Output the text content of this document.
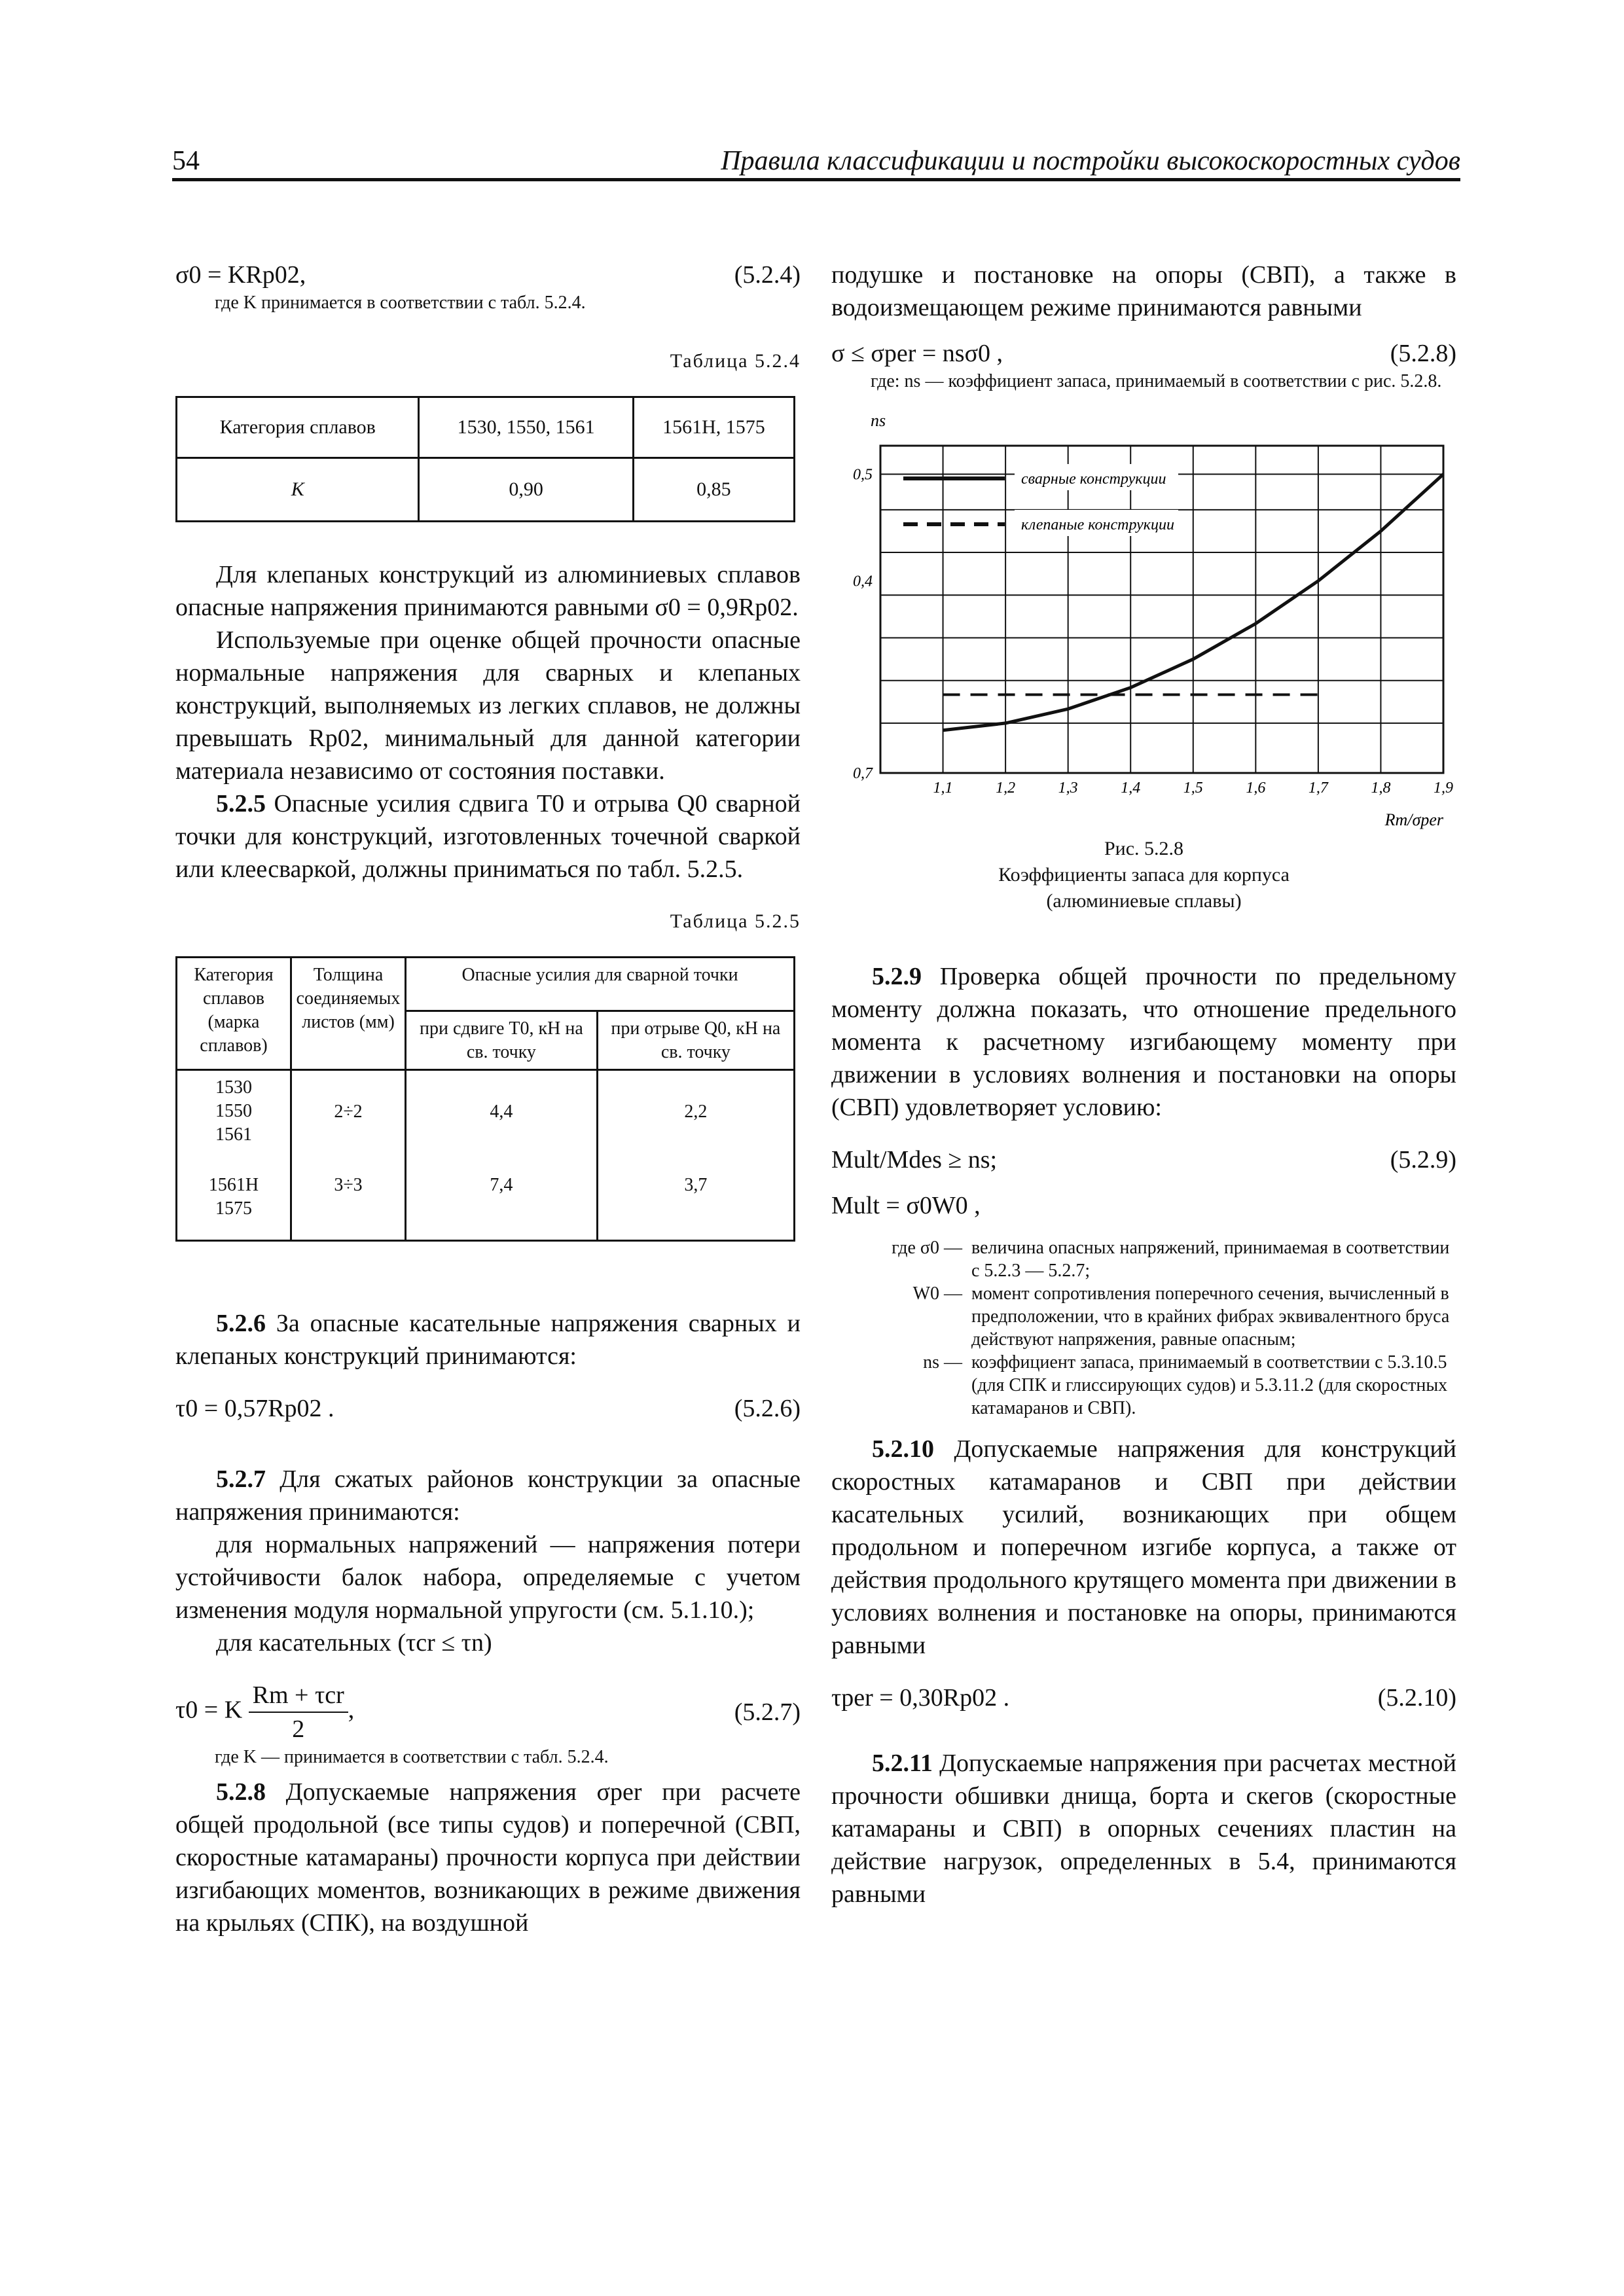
54	Правила классификации и постройки высокоскоростных судов
σ0 = KRp02,	(5.2.4)
где K принимается в соответствии с табл. 5.2.4.
Таблица 5.2.4
Категория сплавов	1530, 1550, 1561	1561Н, 1575
K	0,90	0,85

Для клепаных конструкций из алюминиевых сплавов опасные напряжения принимаются равными σ0 = 0,9Rp02.

Используемые при оценке общей прочности опасные нормальные напряжения для сварных и клепаных конструкций, выполняемых из легких сплавов, не должны превышать Rp02, минимальный для данной категории материала независимо от состояния поставки.

5.2.5 Опасные усилия сдвига T0 и отрыва Q0 сварной точки для конструкций, изготовленных точечной сваркой или клеесваркой, должны приниматься по табл. 5.2.5.

Таблица 5.2.5
Категория сплавов (марка сплавов)	Толщина соединяемых листов (мм)	Опасные усилия для сварной точки	
		при сдвиге T0, кН на св. точку	при отрыве Q0, кН на св. точку
1530
1550
1561	2÷2	4,4	2,2
1561Н
1575	3÷3	7,4	3,7

5.2.6 За опасные касательные напряжения сварных и клепаных конструкций принимаются:

τ0 = 0,57Rp02 .	(5.2.6)

5.2.7 Для сжатых районов конструкции за опасные напряжения принимаются:

для нормальных напряжений — напряжения потери устойчивости балок набора, определяемые с учетом изменения модуля нормальной упругости (см. 5.1.10.);

для касательных (τcr ≤ τn)

τ0 = K $\frac{\text{Rm + τcr}}{2}$ ,	(5.2.7)
где K — принимается в соответствии с табл. 5.2.4.

5.2.8 Допускаемые напряжения σper при расчете общей продольной (все типы судов) и поперечной (СВП, скоростные катамараны) прочности корпуса при действии изгибающих моментов, возникающих в режиме движения на крыльях (СПК), на воздушной

подушке и постановке на опоры (СВП), а также в водоизмещающем режиме принимаются равными

σ ≤ σper = nsσ0 ,	(5.2.8)
где: ns — коэффициент запаса, принимаемый в соответствии с рис. 5.2.8.
ns
сварные конструкции
клепаные конструкции
1,1	1,2	1,3	1,4	1,5	1,6	1,7	1,8	1,9
0,5
0,4
0,7
Rm/σper
Рис. 5.2.8
Коэффициенты запаса для корпуса
(алюминиевые сплавы)

5.2.9 Проверка общей прочности по предельному моменту должна показать, что отношение предельного момента к расчетному изгибающему моменту при движении в условиях волнения и постановки на опоры (СВП) удовлетворяет условию:

Mult/Mdes ≥ ns;	(5.2.9)
Mult = σ0W0 ,
где σ0 — величина опасных напряжений, принимаемая в соответствии с 5.2.3 — 5.2.7;
W0 — момент сопротивления поперечного сечения, вычисленный в предположении, что в крайних фибрах эквивалентного бруса действуют напряжения, равные опасным;
ns — коэффициент запаса, принимаемый в соответствии с 5.3.10.5 (для СПК и глиссирующих судов) и 5.3.11.2 (для скоростных катамаранов и СВП).

5.2.10 Допускаемые напряжения для конструкций скоростных катамаранов и СВП при действии касательных усилий, возникающих при общем продольном и поперечном изгибе корпуса, а также от действия продольного крутящего момента при движении в условиях волнения и постановке на опоры, принимаются равными

τper = 0,30Rp02 .	(5.2.10)

5.2.11 Допускаемые напряжения при расчетах местной прочности обшивки днища, борта и скегов (скоростные катамараны и СВП) в опорных сечениях пластин на действие нагрузок, определенных в 5.4, принимаются равными
